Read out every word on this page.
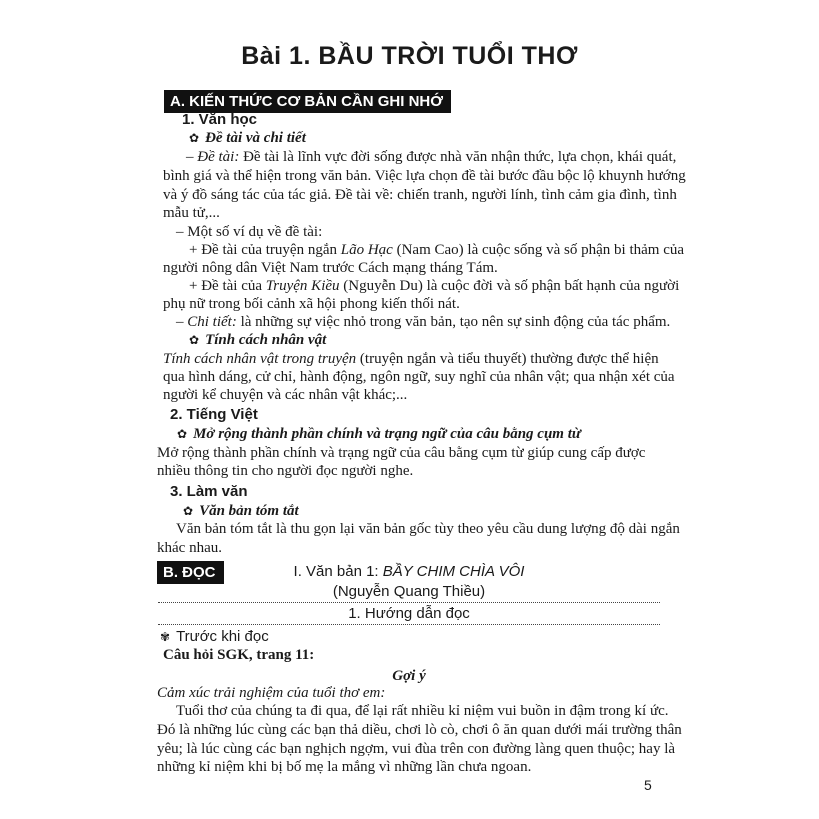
Bài 1. BẦU TRỜI TUỔI THƠ
A. KIẾN THỨC CƠ BẢN CẦN GHI NHỚ
1. Văn học
✿ Đề tài và chi tiết
– Đề tài: Đề tài là lĩnh vực đời sống được nhà văn nhận thức, lựa chọn, khái quát,
bình giá và thể hiện trong văn bản. Việc lựa chọn đề tài bước đầu bộc lộ khuynh hướng
và ý đồ sáng tác của tác giả. Đề tài về: chiến tranh, người lính, tình cảm gia đình, tình
mẫu tử,...
– Một số ví dụ về đề tài:
+ Đề tài của truyện ngắn Lão Hạc (Nam Cao) là cuộc sống và số phận bi thảm của
người nông dân Việt Nam trước Cách mạng tháng Tám.
+ Đề tài của Truyện Kiều (Nguyễn Du) là cuộc đời và số phận bất hạnh của người
phụ nữ trong bối cảnh xã hội phong kiến thối nát.
– Chi tiết: là những sự việc nhỏ trong văn bản, tạo nên sự sinh động của tác phẩm.
✿ Tính cách nhân vật
Tính cách nhân vật trong truyện (truyện ngắn và tiểu thuyết) thường được thể hiện
qua hình dáng, cử chỉ, hành động, ngôn ngữ, suy nghĩ của nhân vật; qua nhận xét của
người kể chuyện và các nhân vật khác;...
2. Tiếng Việt
✿ Mở rộng thành phần chính và trạng ngữ của câu bằng cụm từ
Mở rộng thành phần chính và trạng ngữ của câu bằng cụm từ giúp cung cấp được
nhiều thông tin cho người đọc người nghe.
3. Làm văn
✿ Văn bản tóm tắt
Văn bản tóm tắt là thu gọn lại văn bản gốc tùy theo yêu cầu dung lượng độ dài ngắn
khác nhau.
B. ĐỌC	I. Văn bản 1: BẦY CHIM CHÌA VÔI
(Nguyễn Quang Thiều)
1. Hướng dẫn đọc
✾ Trước khi đọc
Câu hỏi SGK, trang 11:
Gợi ý
Cảm xúc trải nghiệm của tuổi thơ em:
Tuổi thơ của chúng ta đi qua, để lại rất nhiều kỉ niệm vui buồn in đậm trong kí ức.
Đó là những lúc cùng các bạn thả diều, chơi lò cò, chơi ô ăn quan dưới mái trường thân
yêu; là lúc cùng các bạn nghịch ngợm, vui đùa trên con đường làng quen thuộc; hay là
những kỉ niệm khi bị bố mẹ la mắng vì những lần chưa ngoan.
5
